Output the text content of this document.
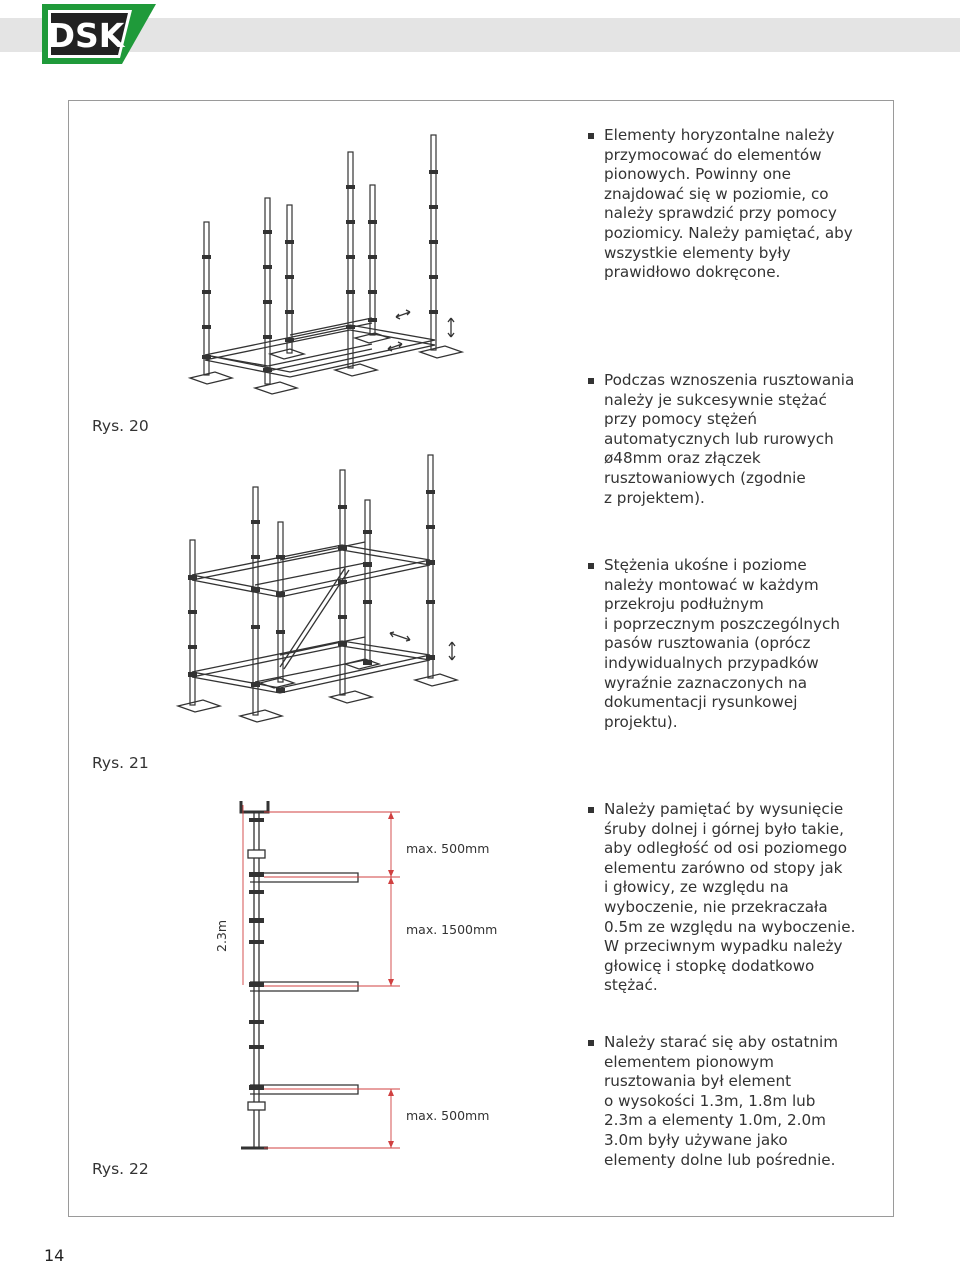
DSK
Rys. 20
Rys. 21
Rys. 22
max. 500mm
max. 1500mm
max. 500mm
2.3m
Elementy horyzontalne należy
przymocować do elementów
pionowych. Powinny one
znajdować się w poziomie, co
należy sprawdzić przy pomocy
poziomicy. Należy pamiętać, aby
wszystkie elementy były
prawidłowo dokręcone.
Podczas wznoszenia rusztowania
należy je sukcesywnie stężać
przy pomocy stężeń
automatycznych lub rurowych
ø48mm oraz złączek
rusztowaniowych (zgodnie
z projektem).
Stężenia ukośne i poziome
należy montować w każdym
przekroju podłużnym
i poprzecznym poszczególnych
pasów rusztowania (oprócz
indywidualnych przypadków
wyraźnie zaznaczonych na
dokumentacji rysunkowej
projektu).
Należy pamiętać by wysunięcie
śruby dolnej i górnej było takie,
aby odległość od osi poziomego
elementu zarówno od stopy jak
i głowicy, ze względu na
wyboczenie, nie przekraczała
0.5m ze względu na wyboczenie.
W przeciwnym wypadku należy
głowicę i stopkę dodatkowo
stężać.
Należy starać się aby ostatnim
elementem pionowym
rusztowania był element
o wysokości 1.3m, 1.8m lub
2.3m a elementy 1.0m, 2.0m
3.0m były używane jako
elementy dolne lub pośrednie.
14
